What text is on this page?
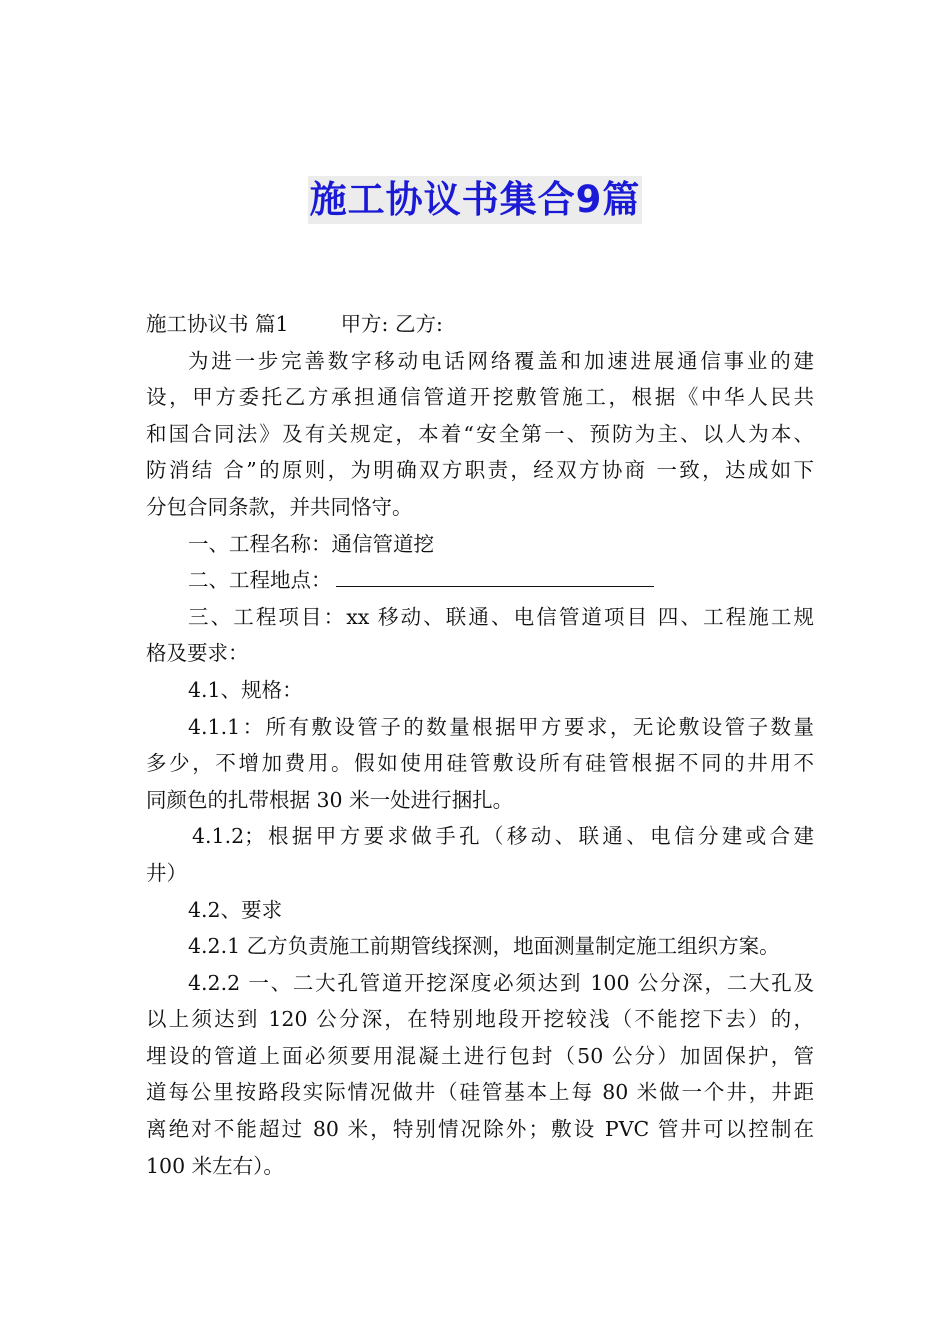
施工协议书集合9篇
施工协议书 篇1	甲方: 乙方:
为进一步完善数字移动电话网络覆盖和加速进展通信事业的建
设，甲方委托乙方承担通信管道开挖敷管施工，根据《中华人民共
和国合同法》及有关规定，本着“安全第一、预防为主、以人为本、
防消结 合”的原则，为明确双方职责，经双方协商 一致，达成如下
分包合同条款，并共同恪守。
一、工程名称：通信管道挖
二、工程地点：
三、工程项目：xx 移动、联通、电信管道项目 四、工程施工规
格及要求：
4.1、规格：
4.1.1：所有敷设管子的数量根据甲方要求，无论敷设管子数量
多少，不增加费用。假如使用硅管敷设所有硅管根据不同的井用不
同颜色的扎带根据 30 米一处进行捆扎。
4.1.2；根据甲方要求做手孔（移动、联通、电信分建或合建
井）
4.2、要求
4.2.1 乙方负责施工前期管线探测，地面测量制定施工组织方案。
4.2.2 一、二大孔管道开挖深度必须达到 100 公分深，二大孔及
以上须达到 120 公分深，在特别地段开挖较浅（不能挖下去）的，
埋设的管道上面必须要用混凝土进行包封（50 公分）加固保护，管
道每公里按路段实际情况做井（硅管基本上每 80 米做一个井，井距
离绝对不能超过 80 米，特别情况除外；敷设 PVC 管井可以控制在
100 米左右）。
